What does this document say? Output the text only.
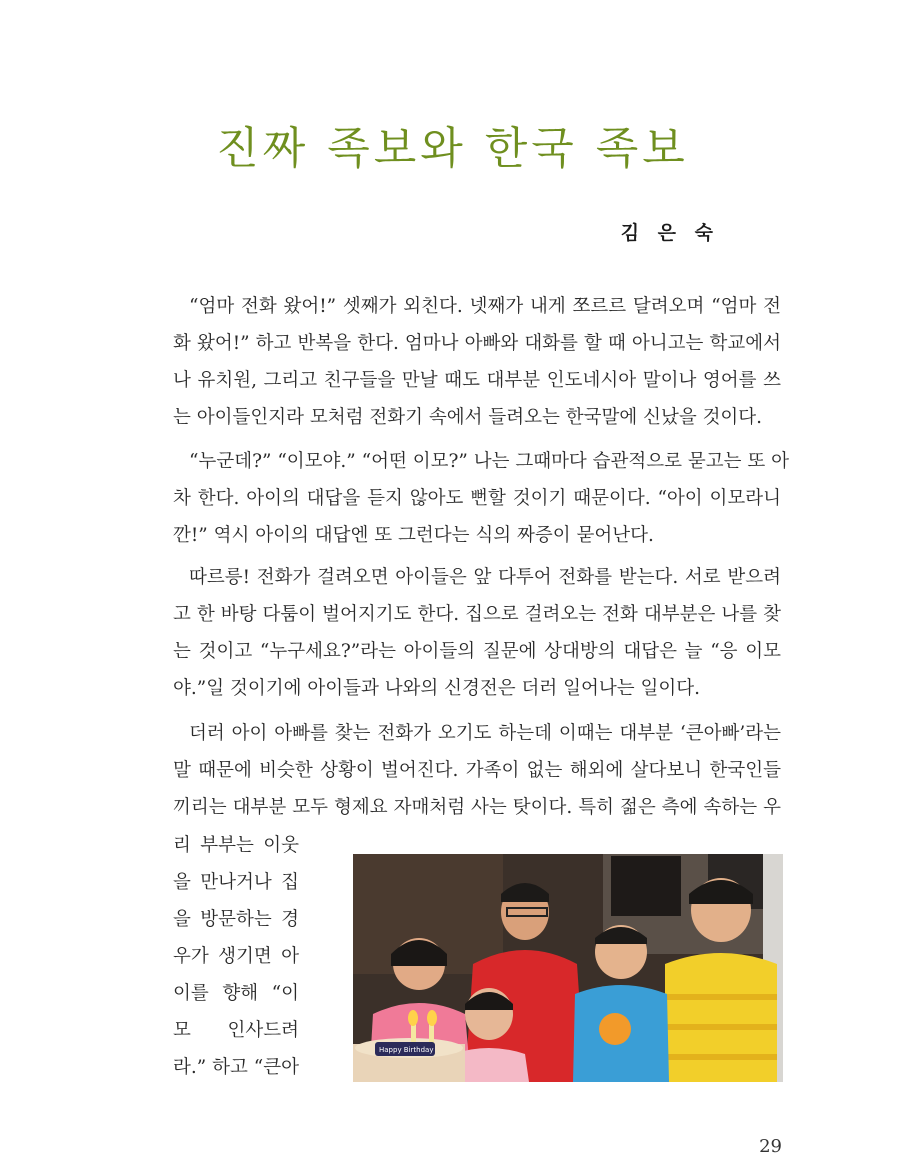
진짜 족보와 한국 족보
김 은 숙
“엄마 전화 왔어!” 셋째가 외친다. 넷째가 내게 쪼르르 달려오며 “엄마 전
화 왔어!” 하고 반복을 한다. 엄마나 아빠와 대화를 할 때 아니고는 학교에서
나 유치원, 그리고 친구들을 만날 때도 대부분 인도네시아 말이나 영어를 쓰
는 아이들인지라 모처럼 전화기 속에서 들려오는 한국말에 신났을 것이다.
“누군데?” “이모야.” “어떤 이모?” 나는 그때마다 습관적으로 묻고는 또 아
차 한다. 아이의 대답을 듣지 않아도 뻔할 것이기 때문이다. “아이 이모라니
깐!” 역시 아이의 대답엔 또 그런다는 식의 짜증이 묻어난다.
따르릉! 전화가 걸려오면 아이들은 앞 다투어 전화를 받는다. 서로 받으려
고 한 바탕 다툼이 벌어지기도 한다. 집으로 걸려오는 전화 대부분은 나를 찾
는 것이고 “누구세요?”라는 아이들의 질문에 상대방의 대답은 늘 “응 이모
야.”일 것이기에 아이들과 나와의 신경전은 더러 일어나는 일이다.
더러 아이 아빠를 찾는 전화가 오기도 하는데 이때는 대부분 ‘큰아빠’라는
말 때문에 비슷한 상황이 벌어진다. 가족이 없는 해외에 살다보니 한국인들
끼리는 대부분 모두 형제요 자매처럼 사는 탓이다. 특히 젊은 측에 속하는 우
리 부부는 이웃
을 만나거나 집
을 방문하는 경
우가 생기면 아
이를 향해 “이
모 인사드려
라.” 하고 “큰아
Happy Birthday
29
